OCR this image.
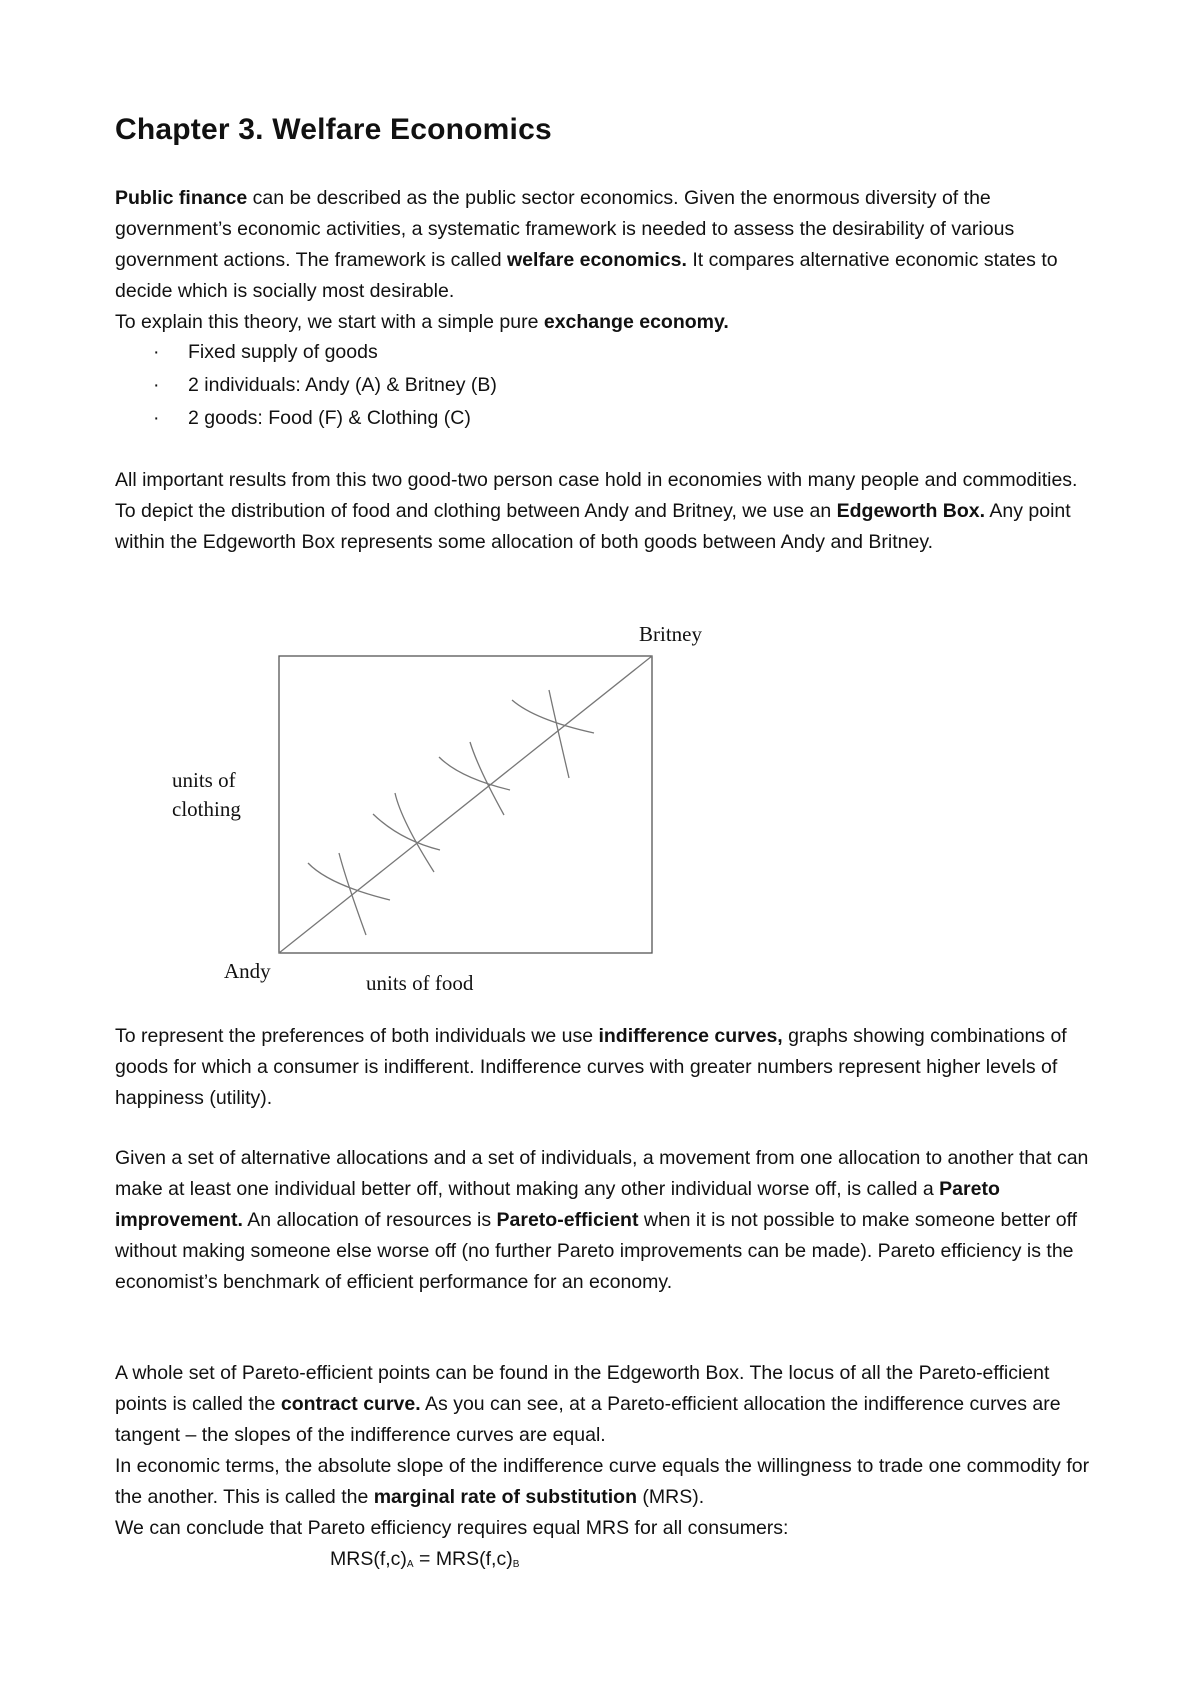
Chapter 3. Welfare Economics

Public finance can be described as the public sector economics. Given the enormous diversity of the government’s economic activities, a systematic framework is needed to assess the desirability of various government actions. The framework is called welfare economics. It compares alternative economic states to decide which is socially most desirable.

To explain this theory, we start with a simple pure exchange economy.

· Fixed supply of goods
· 2 individuals: Andy (A) & Britney (B)
· 2 goods: Food (F) & Clothing (C)

All important results from this two good-two person case hold in economies with many people and commodities.
To depict the distribution of food and clothing between Andy and Britney, we use an Edgeworth Box. Any point within the Edgeworth Box represents some allocation of both goods between Andy and Britney.

Britney
Andy
units of
clothing
units of food

To represent the preferences of both individuals we use indifference curves, graphs showing combinations of goods for which a consumer is indifferent. Indifference curves with greater numbers represent higher levels of happiness (utility).

Given a set of alternative allocations and a set of individuals, a movement from one allocation to another that can make at least one individual better off, without making any other individual worse off, is called a Pareto improvement. An allocation of resources is Pareto-efficient when it is not possible to make someone better off without making someone else worse off (no further Pareto improvements can be made). Pareto efficiency is the economist’s benchmark of efficient performance for an economy.

A whole set of Pareto-efficient points can be found in the Edgeworth Box. The locus of all the Pareto-efficient points is called the contract curve. As you can see, at a Pareto-efficient allocation the indifference curves are tangent – the slopes of the indifference curves are equal.
In economic terms, the absolute slope of the indifference curve equals the willingness to trade one commodity for the another. This is called the marginal rate of substitution (MRS).
We can conclude that Pareto efficiency requires equal MRS for all consumers:

$MRS(f,c)_A = MRS(f,c)_B$
